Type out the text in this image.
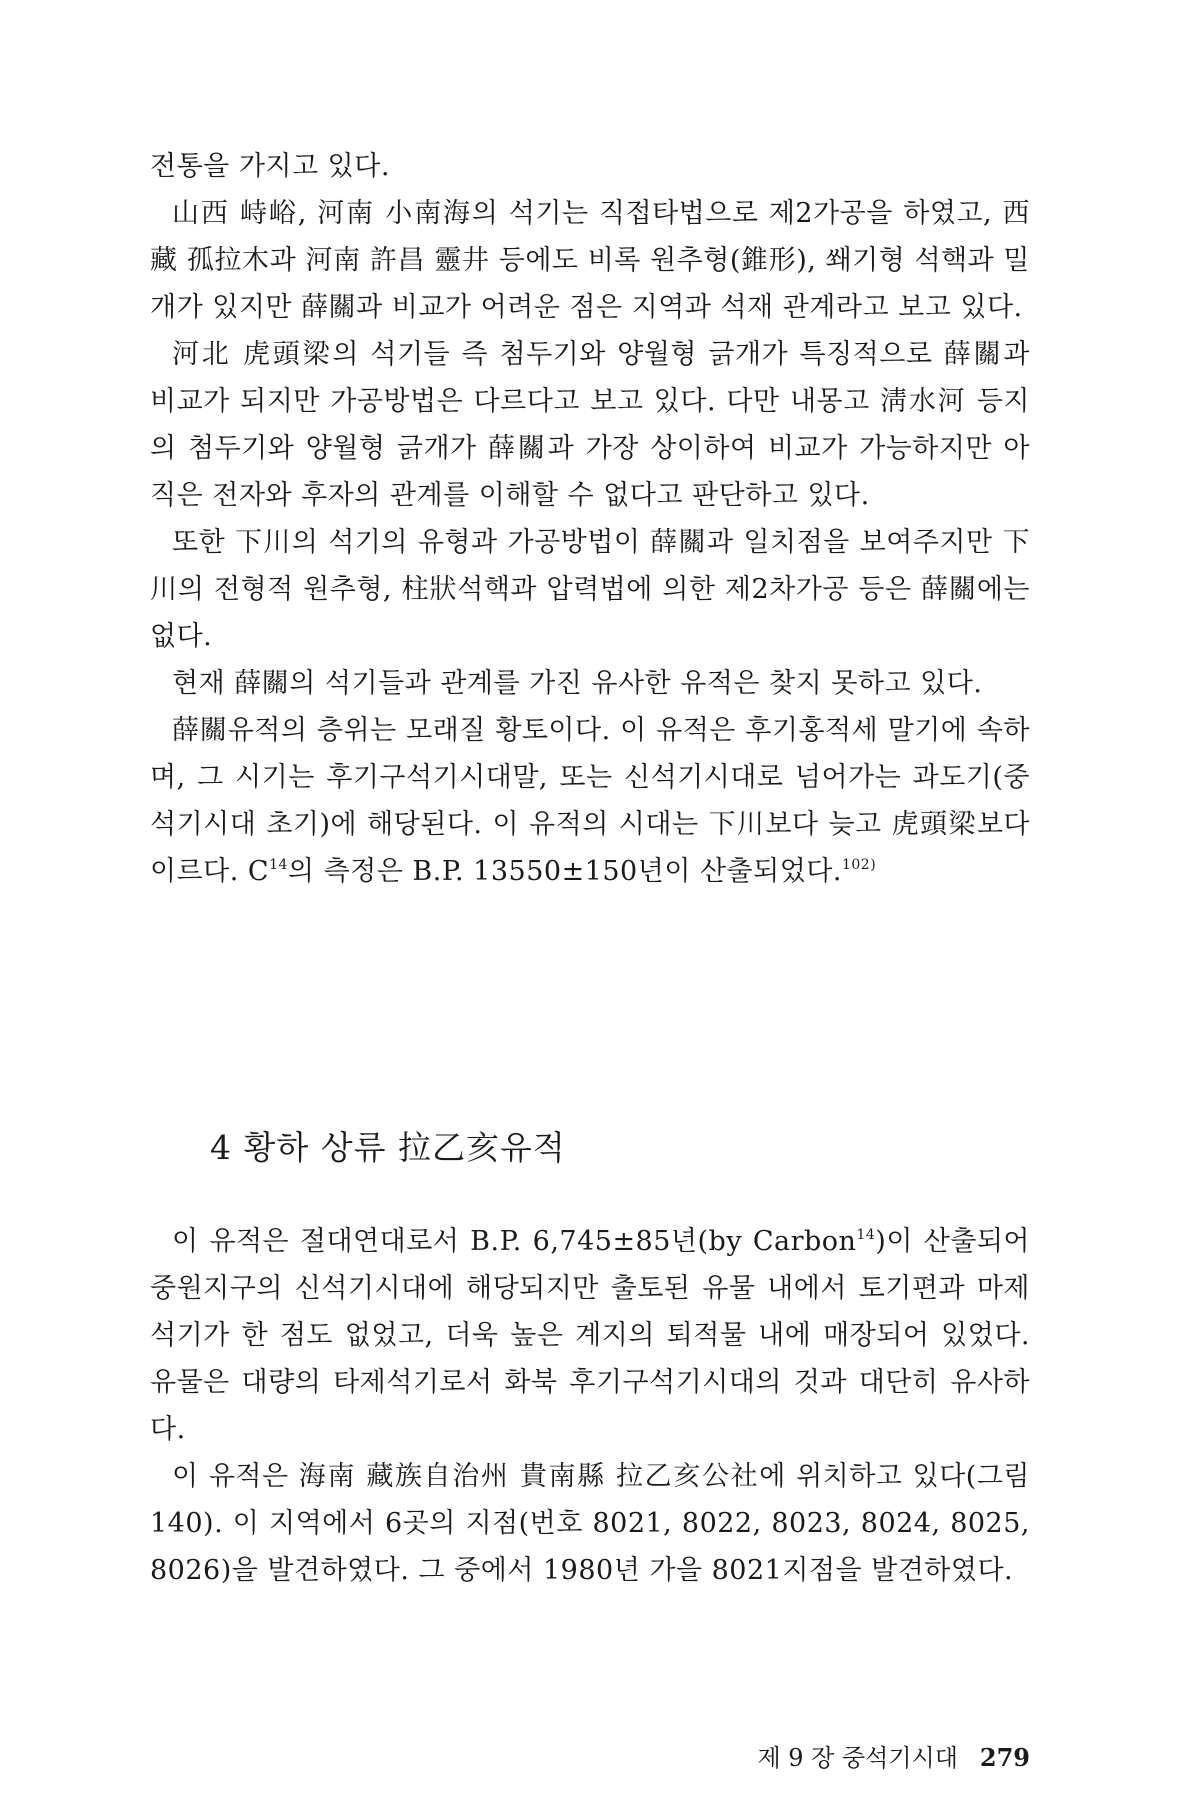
전통을 가지고 있다.

山西 峙峪, 河南 小南海의 석기는 직접타법으로 제2가공을 하였고, 西藏 孤拉木과 河南 許昌 靈井 등에도 비록 원추형(錐形), 쐐기형 석핵과 밀개가 있지만 薛關과 비교가 어려운 점은 지역과 석재 관계라고 보고 있다.

河北 虎頭梁의 석기들 즉 첨두기와 양월형 긁개가 특징적으로 薛關과 비교가 되지만 가공방법은 다르다고 보고 있다. 다만 내몽고 淸水河 등지의 첨두기와 양월형 긁개가 薛關과 가장 상이하여 비교가 가능하지만 아직은 전자와 후자의 관계를 이해할 수 없다고 판단하고 있다.

또한 下川의 석기의 유형과 가공방법이 薛關과 일치점을 보여주지만 下川의 전형적 원추형, 柱狀석핵과 압력법에 의한 제2차가공 등은 薛關에는 없다.

현재 薛關의 석기들과 관계를 가진 유사한 유적은 찾지 못하고 있다.

薛關유적의 층위는 모래질 황토이다. 이 유적은 후기홍적세 말기에 속하며, 그 시기는 후기구석기시대말, 또는 신석기시대로 넘어가는 과도기(중석기시대 초기)에 해당된다. 이 유적의 시대는 下川보다 늦고 虎頭梁보다 이르다. $C^{14}$의 측정은 B.P. 13550±150년이 산출되었다.$^{102)}$

4 황하 상류 拉乙亥유적

이 유적은 절대연대로서 B.P. 6,745±85년(by Carbon$^{14}$)이 산출되어 중원지구의 신석기시대에 해당되지만 출토된 유물 내에서 토기편과 마제석기가 한 점도 없었고, 더욱 높은 계지의 퇴적물 내에 매장되어 있었다. 유물은 대량의 타제석기로서 화북 후기구석기시대의 것과 대단히 유사하다.

이 유적은 海南 藏族自治州 貴南縣 拉乙亥公社에 위치하고 있다(그림 140). 이 지역에서 6곳의 지점(번호 8021, 8022, 8023, 8024, 8025, 8026)을 발견하였다. 그 중에서 1980년 가을 8021지점을 발견하였다.

제 9 장 중석기시대 279
